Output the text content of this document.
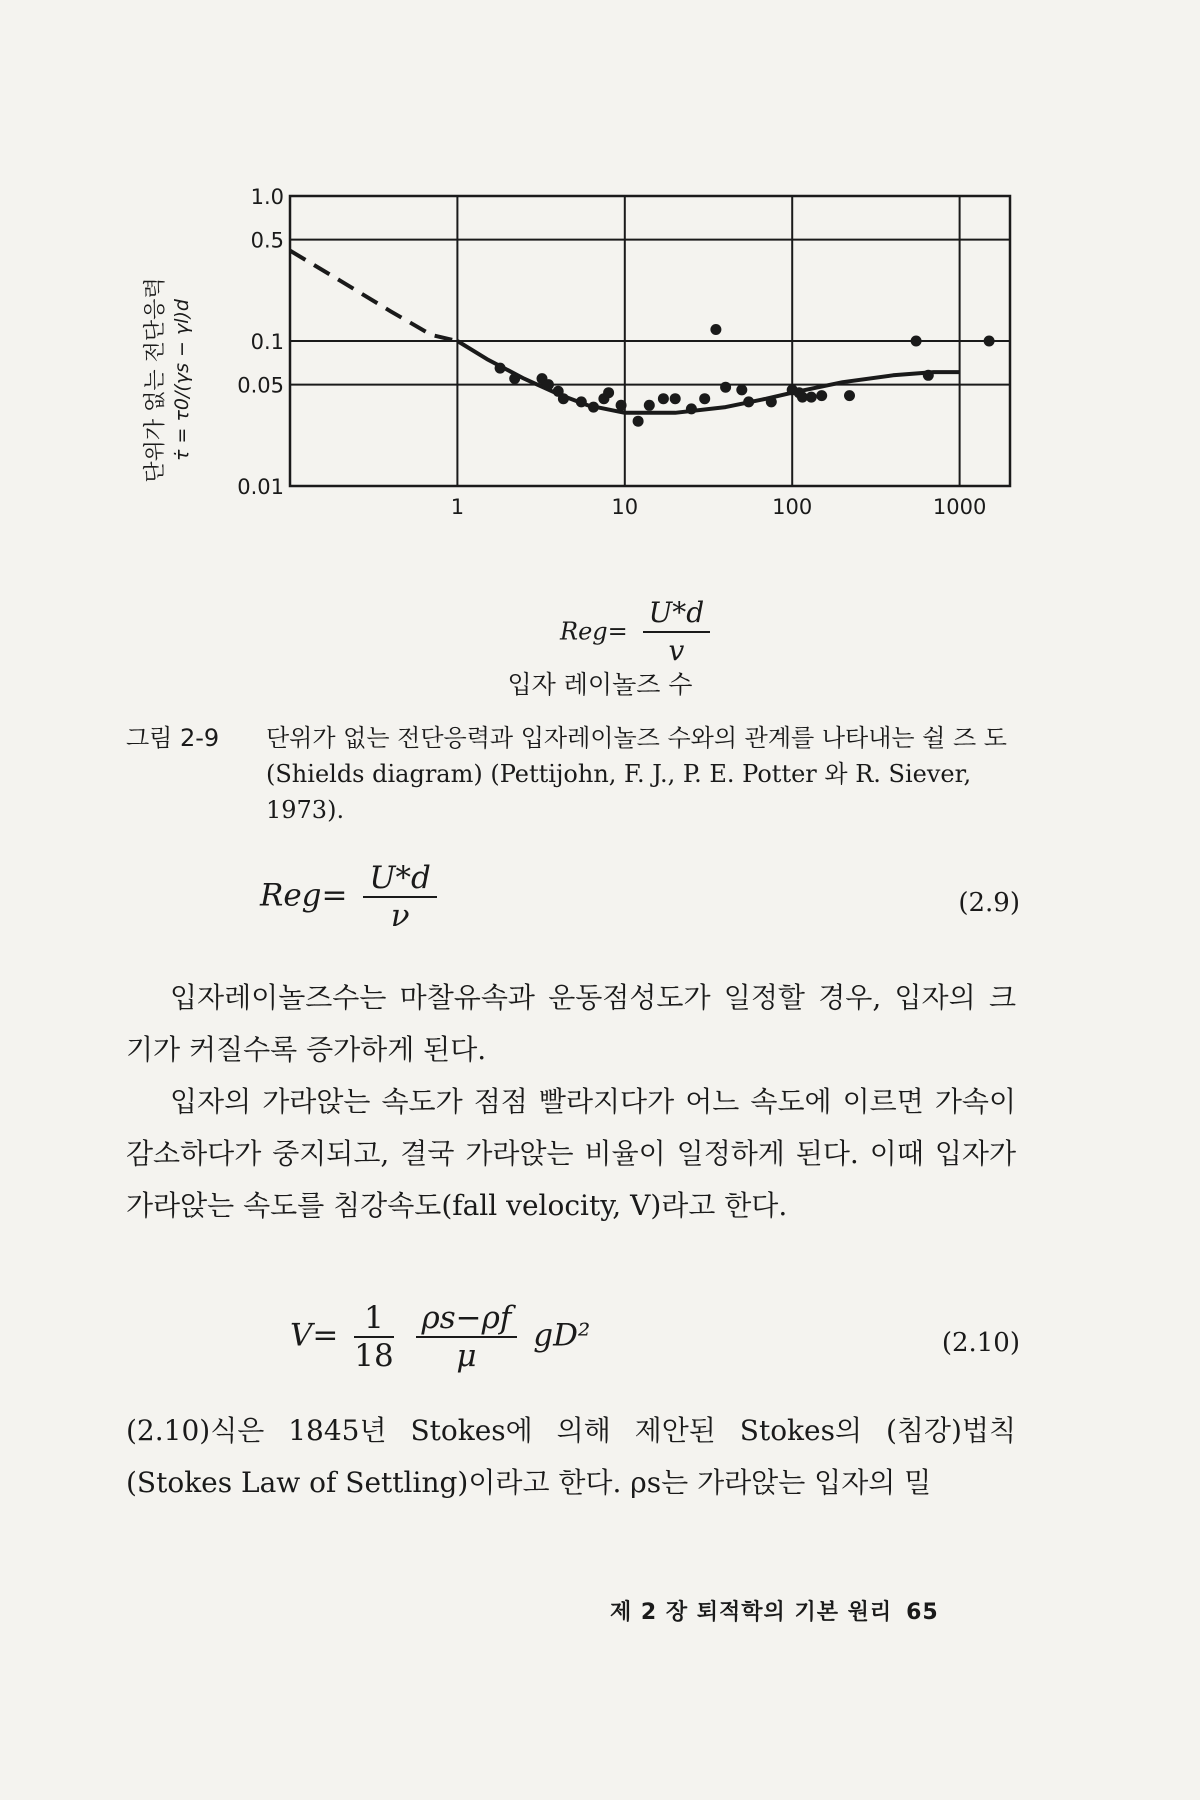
1	10	100	1000
1.0
0.5
0.1
0.05
0.01
단위가 없는 전단응력 τ̇ = τ0/(γs − γl)d
$Reg= \frac{U*d}{v}$
입자 레이놀즈 수
그림 2-9	단위가 없는 전단응력과 입자레이놀즈 수와의 관계를 나타내는 쉴 즈 도(Shields diagram) (Pettijohn, F. J., P. E. Potter 와 R. Siever, 1973).
$Reg= \frac{U*d}{\nu}$	(2.9)
입자레이놀즈수는 마찰유속과 운동점성도가 일정할 경우, 입자의 크기가 커질수록 증가하게 된다.
입자의 가라앉는 속도가 점점 빨라지다가 어느 속도에 이르면 가속이 감소하다가 중지되고, 결국 가라앉는 비율이 일정하게 된다. 이때 입자가 가라앉는 속도를 침강속도(fall velocity, V)라고 한다.
$V= \frac{1}{18}$
$\frac{\rho s-\rho f}{\mu} gD^2$	(2.10)
(2.10)식은 1845년 Stokes에 의해 제안된 Stokes의 (침강)법칙(Stokes Law of Settling)이라고 한다. ρs는 가라앉는 입자의 밀
제 2 장 퇴적학의 기본 원리 65
